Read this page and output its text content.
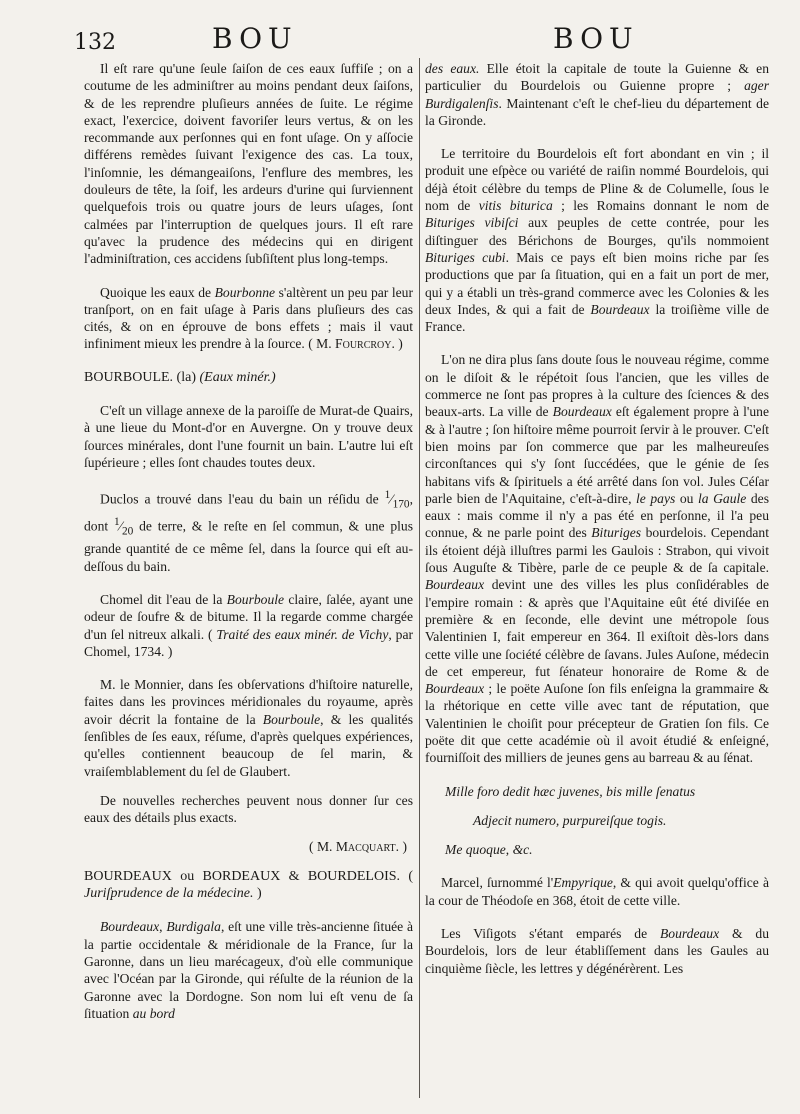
132	BOU	BOU

Il eſt rare qu'une ſeule ſaiſon de ces eaux ſuffiſe ; on a coutume de les adminiſtrer au moins pendant deux ſaiſons, & de les reprendre pluſieurs années de ſuite. Le régime exact, l'exercice, doivent favoriſer leurs vertus, & on les recommande aux perſonnes qui en font uſage. On y aſſocie différens remèdes ſuivant l'exigence des cas. La toux, l'inſomnie, les démangeaiſons, l'enflure des membres, les douleurs de tête, la ſoif, les ardeurs d'urine qui ſurviennent quelquefois trois ou quatre jours de leurs uſages, ſont calmées par l'interruption de quelques jours. Il eſt rare qu'avec la prudence des médecins qui en dirigent l'adminiſtration, ces accidens ſubſiſtent plus long-temps.

Quoique les eaux de Bourbonne s'altèrent un peu par leur tranſport, on en fait uſage à Paris dans pluſieurs des cas cités, & on en éprouve de bons effets ; mais il vaut infiniment mieux les prendre à la ſource. ( M. Fourcroy. )

BOURBOULE. (la) (Eaux minér.)

C'eſt un village annexe de la paroiſſe de Murat-de Quairs, à une lieue du Mont-d'or en Auvergne. On y trouve deux ſources minérales, dont l'une fournit un bain. L'autre lui eſt ſupérieure ; elles ſont chaudes toutes deux.

Duclos a trouvé dans l'eau du bain un réſidu de $^1⁄_{170}$, dont $^1⁄_{20}$ de terre, & le reſte en ſel commun, & une plus grande quantité de ce même ſel, dans la ſource qui eſt au-deſſous du bain.

Chomel dit l'eau de la Bourboule claire, ſalée, ayant une odeur de ſoufre & de bitume. Il la regarde comme chargée d'un ſel nitreux alkali. ( Traité des eaux minér. de Vichy, par Chomel, 1734. )

M. le Monnier, dans ſes obſervations d'hiſtoire naturelle, faites dans les provinces méridionales du royaume, après avoir décrit la fontaine de la Bourboule, & les qualités ſenſibles de ſes eaux, réſume, d'après quelques expériences, qu'elles contiennent beaucoup de ſel marin, & vraiſemblablement du ſel de Glaubert.

De nouvelles recherches peuvent nous donner ſur ces eaux des détails plus exacts.

( M. Macquart. )

BOURDEAUX ou BORDEAUX & BOURDELOIS. ( Juriſprudence de la médecine. )

Bourdeaux, Burdigala, eſt une ville très-ancienne ſituée à la partie occidentale & méridionale de la France, ſur la Garonne, dans un lieu marécageux, d'où elle communique avec l'Océan par la Gironde, qui réſulte de la réunion de la Garonne avec la Dordogne. Son nom lui eſt venu de ſa ſituation au bord

des eaux. Elle étoit la capitale de toute la Guienne & en particulier du Bourdelois ou Guienne propre ; ager Burdigalenſis. Maintenant c'eſt le chef-lieu du département de la Gironde.

Le territoire du Bourdelois eſt fort abondant en vin ; il produit une eſpèce ou variété de raiſin nommé Bourdelois, qui déjà étoit célèbre du temps de Pline & de Columelle, ſous le nom de vitis biturica ; les Romains donnant le nom de Bituriges vibiſci aux peuples de cette contrée, pour les diſtinguer des Bérichons de Bourges, qu'ils nommoient Bituriges cubi. Mais ce pays eſt bien moins riche par ſes productions que par ſa ſituation, qui en a fait un port de mer, qui y a établi un très-grand commerce avec les Colonies & les deux Indes, & qui a fait de Bourdeaux la troiſième ville de France.

L'on ne dira plus ſans doute ſous le nouveau régime, comme on le diſoit & le répétoit ſous l'ancien, que les villes de commerce ne ſont pas propres à la culture des ſciences & des beaux-arts. La ville de Bourdeaux eſt également propre à l'une & à l'autre ; ſon hiſtoire même pourroit ſervir à le prouver. C'eſt bien moins par ſon commerce que par les malheureuſes circonſtances qui s'y ſont ſuccédées, que le génie de ſes habitans vifs & ſpirituels a été arrêté dans ſon vol. Jules Céſar parle bien de l'Aquitaine, c'eſt-à-dire, le pays ou la Gaule des eaux : mais comme il n'y a pas été en perſonne, il l'a peu connue, & ne parle point des Bituriges bourdelois. Cependant ils étoient déjà illuſtres parmi les Gaulois : Strabon, qui vivoit ſous Auguſte & Tibère, parle de ce peuple & de ſa capitale. Bourdeaux devint une des villes les plus conſidérables de l'empire romain : & après que l'Aquitaine eût été diviſée en première & en ſeconde, elle devint une métropole ſous Valentinien I, fait empereur en 364. Il exiſtoit dès-lors dans cette ville une ſociété célèbre de ſavans. Jules Auſone, médecin de cet empereur, fut ſénateur honoraire de Rome & de Bourdeaux ; le poëte Auſone ſon fils enſeigna la grammaire & la rhétorique en cette ville avec tant de réputation, que Valentinien le choiſit pour précepteur de Gratien ſon fils. Ce poëte dit que cette académie où il avoit étudié & enſeigné, fourniſſoit des milliers de jeunes gens au barreau & au ſénat.

Mille foro dedit hæc juvenes, bis mille ſenatus

Adjecit numero, purpureiſque togis.

Me quoque, &c.

Marcel, ſurnommé l'Empyrique, & qui avoit quelqu'office à la cour de Théodoſe en 368, étoit de cette ville.

Les Viſigots s'étant emparés de Bourdeaux & du Bourdelois, lors de leur établiſſement dans les Gaules au cinquième ſiècle, les lettres y dégénérèrent. Les
